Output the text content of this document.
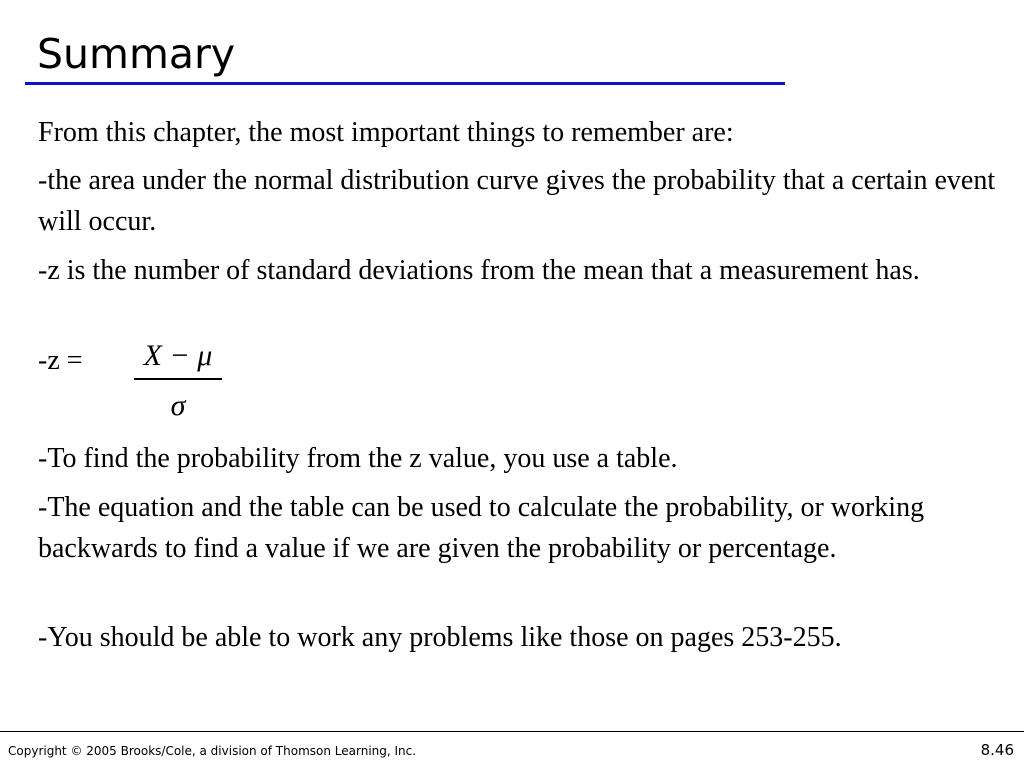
Summary

From this chapter, the most important things to remember are:

-the area under the normal distribution curve gives the probability that a certain event will occur.

-z is the number of standard deviations from the mean that a measurement has.

-z =	X − μ
σ

-To find the probability from the z value, you use a table.

-The equation and the table can be used to calculate the probability, or working backwards to find a value if we are given the probability or percentage.

-You should be able to work any problems like those on pages 253-255.

Copyright © 2005 Brooks/Cole, a division of Thomson Learning, Inc.	8.46
